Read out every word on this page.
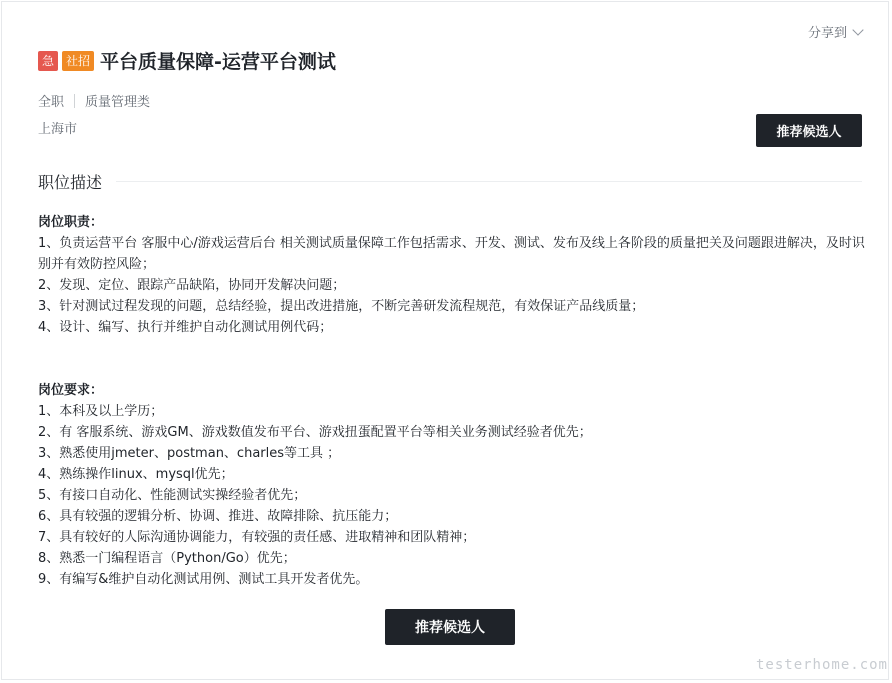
分享到
急	社招 平台质量保障-运营平台测试
全职 质量管理类
上海市	推荐候选人
职位描述

岗位职责：

1、负责运营平台 客服中心/游戏运营后台 相关测试质量保障工作包括需求、开发、测试、发布及线上各阶段的质量把关及问题跟进解决，及时识别并有效防控风险；

2、发现、定位、跟踪产品缺陷，协同开发解决问题；

3、针对测试过程发现的问题，总结经验，提出改进措施，不断完善研发流程规范，有效保证产品线质量；

4、设计、编写、执行并维护自动化测试用例代码；

岗位要求：

1、本科及以上学历；

2、有 客服系统、游戏GM、游戏数值发布平台、游戏扭蛋配置平台等相关业务测试经验者优先；

3、熟悉使用jmeter、postman、charles等工具 ；

4、熟练操作linux、mysql优先；

5、有接口自动化、性能测试实操经验者优先；

6、具有较强的逻辑分析、协调、推进、故障排除、抗压能力；

7、具有较好的人际沟通协调能力，有较强的责任感、进取精神和团队精神；

8、熟悉一门编程语言（Python/Go）优先；

9、有编写&维护自动化测试用例、测试工具开发者优先。

推荐候选人
testerhome.com
